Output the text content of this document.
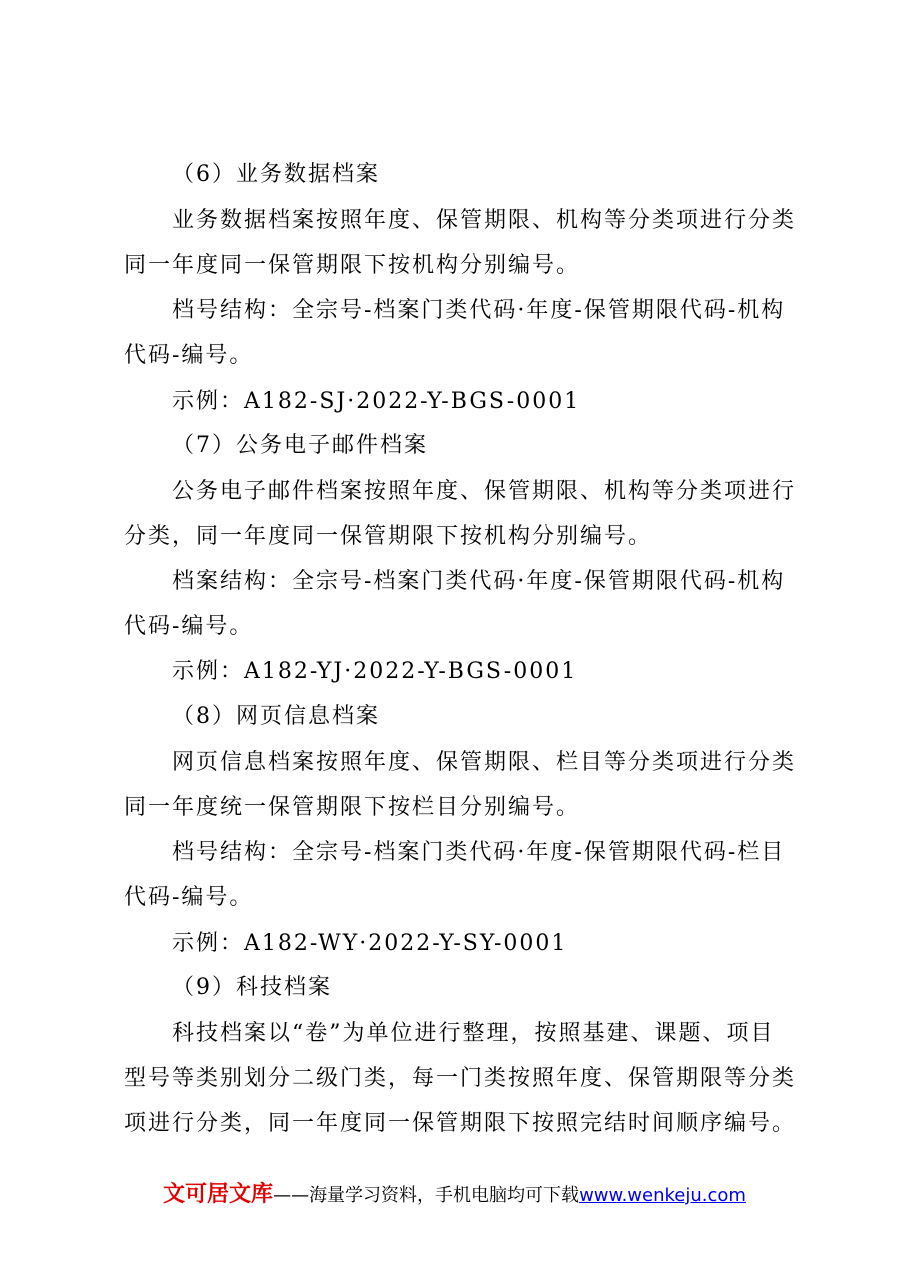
（6）业务数据档案
业务数据档案按照年度、保管期限、机构等分类项进行分类
同一年度同一保管期限下按机构分别编号。
档号结构：全宗号-档案门类代码·年度-保管期限代码-机构
代码-编号。
示例：A182-SJ·2022-Y-BGS-0001
（7）公务电子邮件档案
公务电子邮件档案按照年度、保管期限、机构等分类项进行
分类，同一年度同一保管期限下按机构分别编号。
档案结构：全宗号-档案门类代码·年度-保管期限代码-机构
代码-编号。
示例：A182-YJ·2022-Y-BGS-0001
（8）网页信息档案
网页信息档案按照年度、保管期限、栏目等分类项进行分类
同一年度统一保管期限下按栏目分别编号。
档号结构：全宗号-档案门类代码·年度-保管期限代码-栏目
代码-编号。
示例：A182-WY·2022-Y-SY-0001
（9）科技档案
科技档案以“卷”为单位进行整理，按照基建、课题、项目
型号等类别划分二级门类，每一门类按照年度、保管期限等分类
项进行分类，同一年度同一保管期限下按照完结时间顺序编号。
文可居文库——海量学习资料，手机电脑均可下载www.wenkeju.com
